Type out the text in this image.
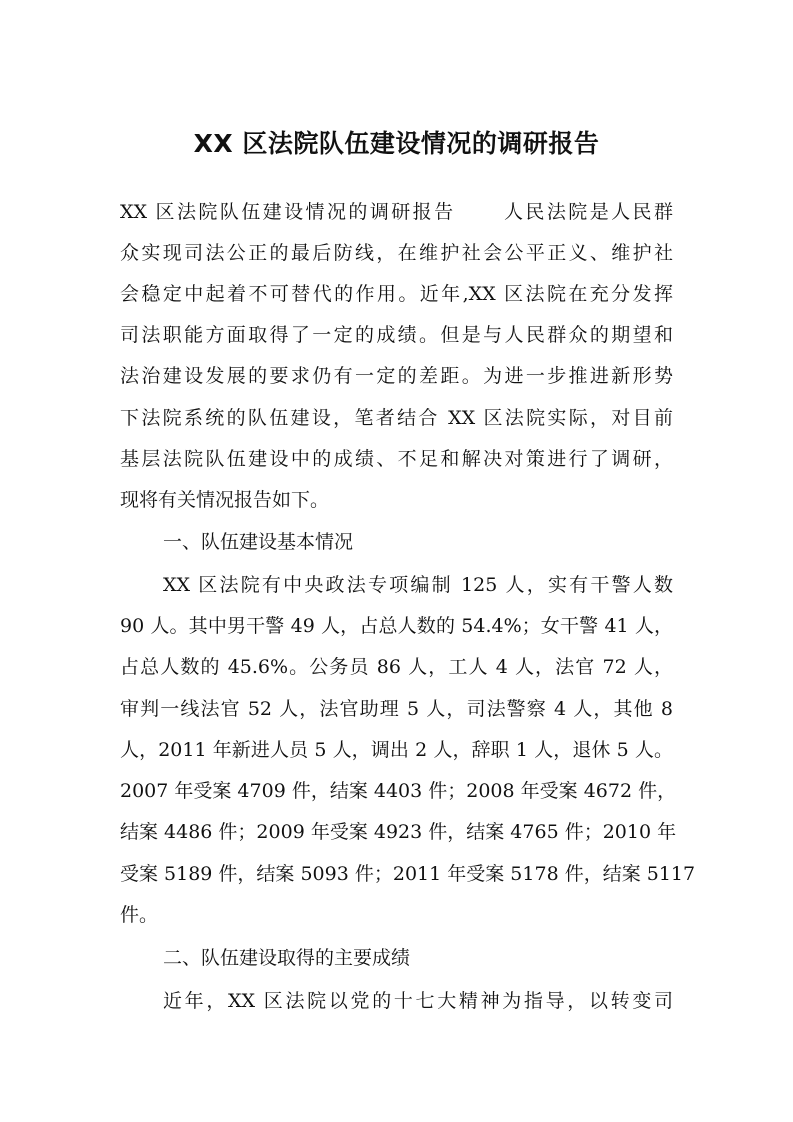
XX 区法院队伍建设情况的调研报告
XX 区法院队伍建设情况的调研报告 人民法院是人民群
众实现司法公正的最后防线，在维护社会公平正义、维护社
会稳定中起着不可替代的作用。近年,XX 区法院在充分发挥
司法职能方面取得了一定的成绩。但是与人民群众的期望和
法治建设发展的要求仍有一定的差距。为进一步推进新形势
下法院系统的队伍建设，笔者结合 XX 区法院实际，对目前
基层法院队伍建设中的成绩、不足和解决对策进行了调研，
现将有关情况报告如下。
一、队伍建设基本情况
XX 区法院有中央政法专项编制 125 人，实有干警人数
90 人。其中男干警 49 人，占总人数的 54.4%；女干警 41 人，
占总人数的 45.6%。公务员 86 人，工人 4 人，法官 72 人，
审判一线法官 52 人，法官助理 5 人，司法警察 4 人，其他 8
人，2011 年新进人员 5 人，调出 2 人，辞职 1 人，退休 5 人。
2007 年受案 4709 件，结案 4403 件；2008 年受案 4672 件，
结案 4486 件；2009 年受案 4923 件，结案 4765 件；2010 年
受案 5189 件，结案 5093 件；2011 年受案 5178 件，结案 5117
件。
二、队伍建设取得的主要成绩
近年，XX 区法院以党的十七大精神为指导，以转变司
